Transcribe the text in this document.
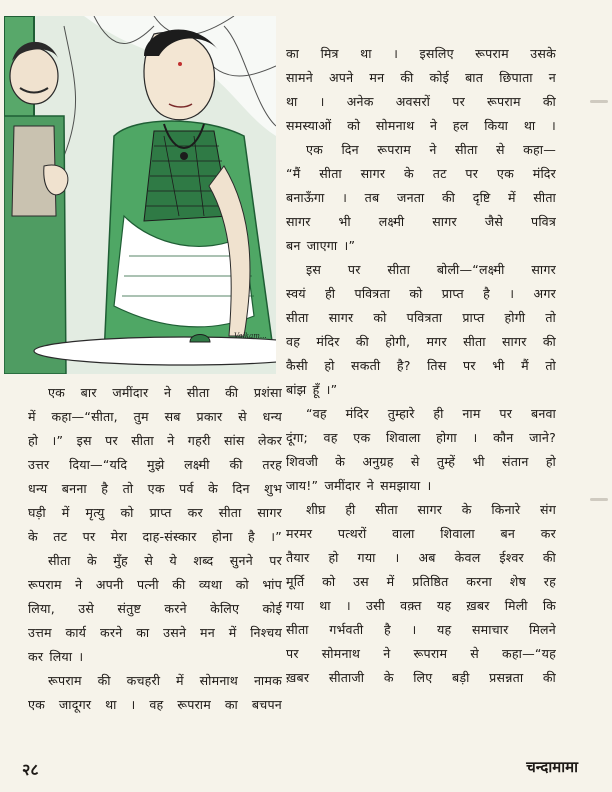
Vaikam...

एक बार जमींदार ने सीता की प्रशंसा
में कहा—“सीता, तुम सब प्रकार से धन्य
हो ।” इस पर सीता ने गहरी सांस लेकर
उत्तर दिया—“यदि मुझे लक्ष्मी की तरह
धन्य बनना है तो एक पर्व के दिन शुभ
घड़ी में मृत्यु को प्राप्त कर सीता सागर
के तट पर मेरा दाह-संस्कार होना है ।”

सीता के मुँह से ये शब्द सुनने पर
रूपराम ने अपनी पत्नी की व्यथा को भांप
लिया, उसे संतुष्ट करने केलिए कोई
उत्तम कार्य करने का उसने मन में निश्चय
कर लिया ।

रूपराम की कचहरी में सोमनाथ नामक
एक जादूगर था । वह रूपराम का बचपन

का मित्र था । इसलिए रूपराम उसके
सामने अपने मन की कोई बात छिपाता न
था । अनेक अवसरों पर रूपराम की
समस्याओं को सोमनाथ ने हल किया था ।

एक दिन रूपराम ने सीता से कहा—
“मैं सीता सागर के तट पर एक मंदिर
बनाऊँगा । तब जनता की दृष्टि में सीता
सागर भी लक्ष्मी सागर जैसे पवित्र
बन जाएगा ।”

इस पर सीता बोली—“लक्ष्मी सागर
स्वयं ही पवित्रता को प्राप्त है । अगर
सीता सागर को पवित्रता प्राप्त होगी तो
वह मंदिर की होगी, मगर सीता सागर की
कैसी हो सकती है? तिस पर भी मैं तो
बांझ हूँ ।”

“वह मंदिर तुम्हारे ही नाम पर बनवा
दूंगा; वह एक शिवाला होगा । कौन जाने?
शिवजी के अनुग्रह से तुम्हें भी संतान हो
जाय!” जमींदार ने समझाया ।

शीघ्र ही सीता सागर के किनारे संग
मरमर पत्थरों वाला शिवाला बन कर
तैयार हो गया । अब केवल ईश्वर की
मूर्ति को उस में प्रतिष्ठित करना शेष रह
गया था । उसी वक़्त यह ख़बर मिली कि
सीता गर्भवती है । यह समाचार मिलने
पर सोमनाथ ने रूपराम से कहा—“यह
ख़बर सीताजी के लिए बड़ी प्रसन्नता की

२८	चन्दामामा
